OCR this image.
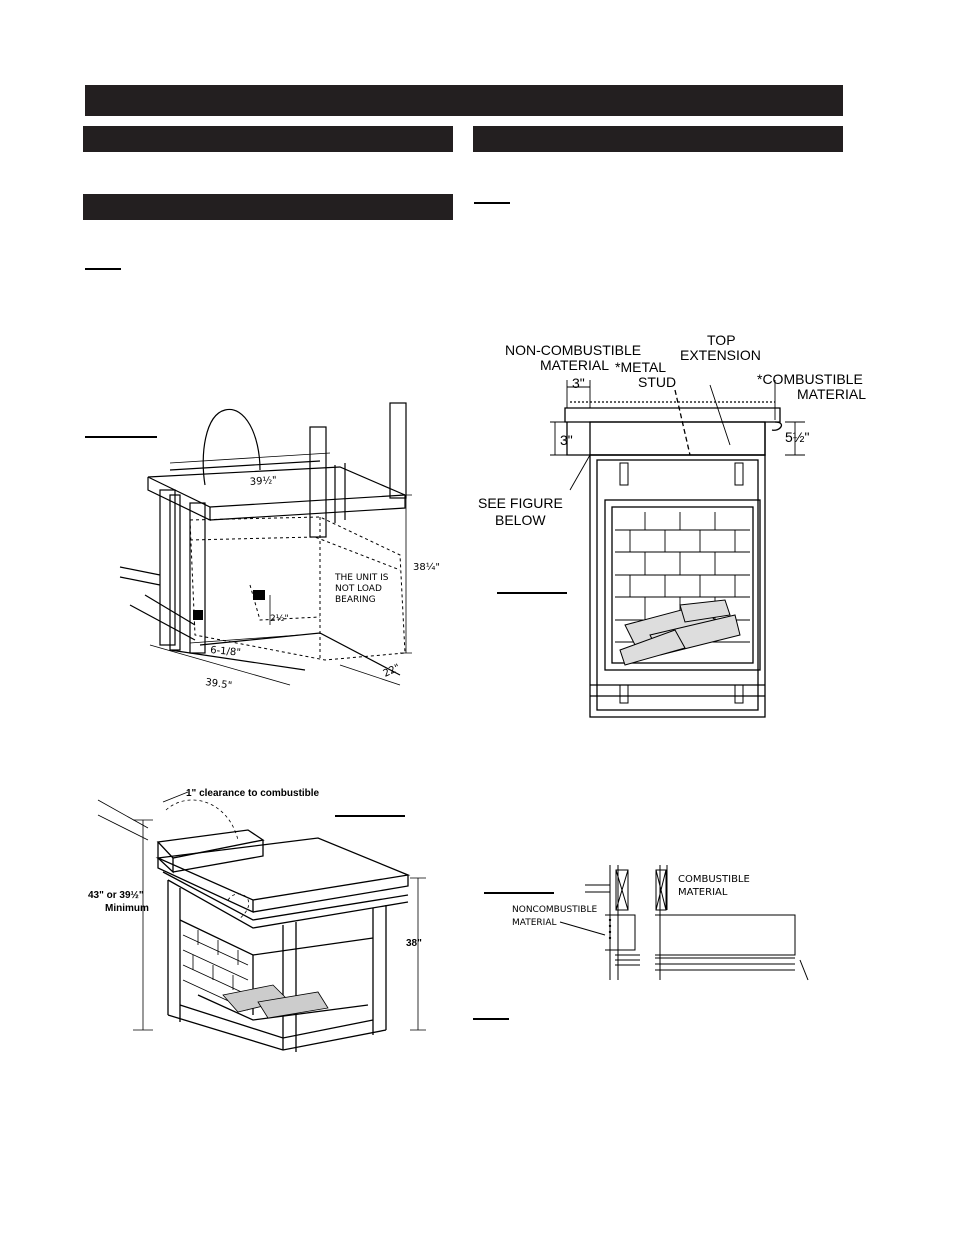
39½"
38¼"
2½"
6-1/8"
39.5"
22"
THE UNIT IS
NOT LOAD
BEARING
NON-COMBUSTIBLE
MATERIAL
TOP
EXTENSION
*METAL
STUD	*COMBUSTIBLE
MATERIAL
3"
3"	5½"
SEE FIGURE
BELOW
1" clearance to combustible
43" or 39½"
Minimum
38"
COMBUSTIBLE
MATERIAL
NONCOMBUSTIBLE
MATERIAL
